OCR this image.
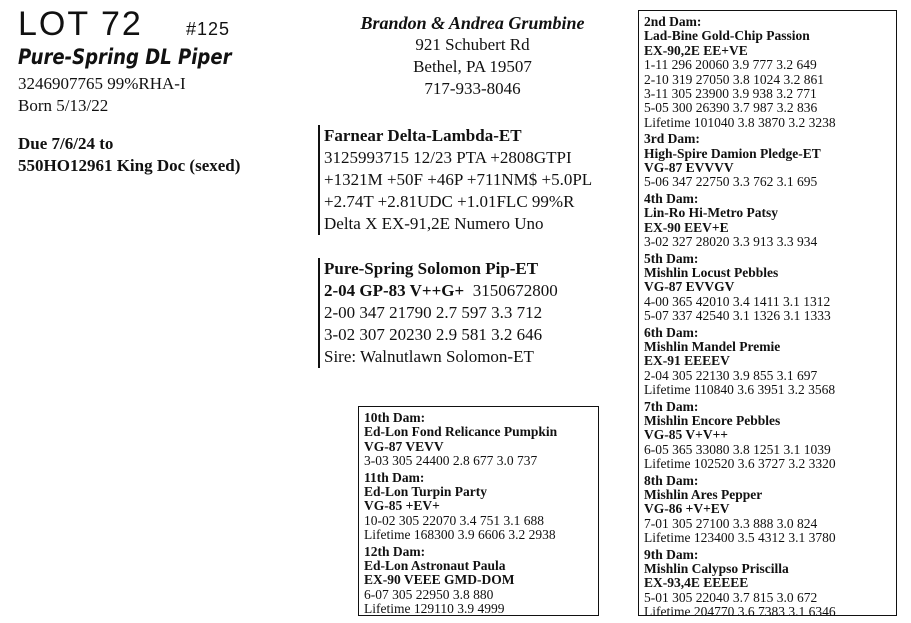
LOT 72 #125
Pure-Spring DL Piper
3246907765 99%RHA-I
Born 5/13/22
Due 7/6/24 to
550HO12961 King Doc (sexed)
Brandon & Andrea Grumbine
921 Schubert Rd
Bethel, PA 19507
717-933-8046
Farnear Delta-Lambda-ET
3125993715 12/23 PTA +2808GTPI
+1321M +50F +46P +711NM$ +5.0PL
+2.74T +2.81UDC +1.01FLC 99%R
Delta X EX-91,2E Numero Uno
Pure-Spring Solomon Pip-ET
2-04 GP-83 V++G+ 3150672800
2-00 347 21790 2.7 597 3.3 712
3-02 307 20230 2.9 581 3.2 646
Sire: Walnutlawn Solomon-ET
10th Dam:
Ed-Lon Fond Relicance Pumpkin
VG-87 VEVV
3-03 305 24400 2.8 677 3.0 737
11th Dam:
Ed-Lon Turpin Party
VG-85 +EV+
10-02 305 22070 3.4 751 3.1 688
Lifetime 168300 3.9 6606 3.2 2938
12th Dam:
Ed-Lon Astronaut Paula
EX-90 VEEE GMD-DOM
6-07 305 22950 3.8 880
Lifetime 129110 3.9 4999
2nd Dam:
Lad-Bine Gold-Chip Passion
EX-90,2E EE+VE
1-11 296 20060 3.9 777 3.2 649
2-10 319 27050 3.8 1024 3.2 861
3-11 305 23900 3.9 938 3.2 771
5-05 300 26390 3.7 987 3.2 836
Lifetime 101040 3.8 3870 3.2 3238
3rd Dam:
High-Spire Damion Pledge-ET
VG-87 EVVVV
5-06 347 22750 3.3 762 3.1 695
4th Dam:
Lin-Ro Hi-Metro Patsy
EX-90 EEV+E
3-02 327 28020 3.3 913 3.3 934
5th Dam:
Mishlin Locust Pebbles
VG-87 EVVGV
4-00 365 42010 3.4 1411 3.1 1312
5-07 337 42540 3.1 1326 3.1 1333
6th Dam:
Mishlin Mandel Premie
EX-91 EEEEV
2-04 305 22130 3.9 855 3.1 697
Lifetime 110840 3.6 3951 3.2 3568
7th Dam:
Mishlin Encore Pebbles
VG-85 V+V++
6-05 365 33080 3.8 1251 3.1 1039
Lifetime 102520 3.6 3727 3.2 3320
8th Dam:
Mishlin Ares Pepper
VG-86 +V+EV
7-01 305 27100 3.3 888 3.0 824
Lifetime 123400 3.5 4312 3.1 3780
9th Dam:
Mishlin Calypso Priscilla
EX-93,4E EEEEE
5-01 305 22040 3.7 815 3.0 672
Lifetime 204770 3.6 7383 3.1 6346
